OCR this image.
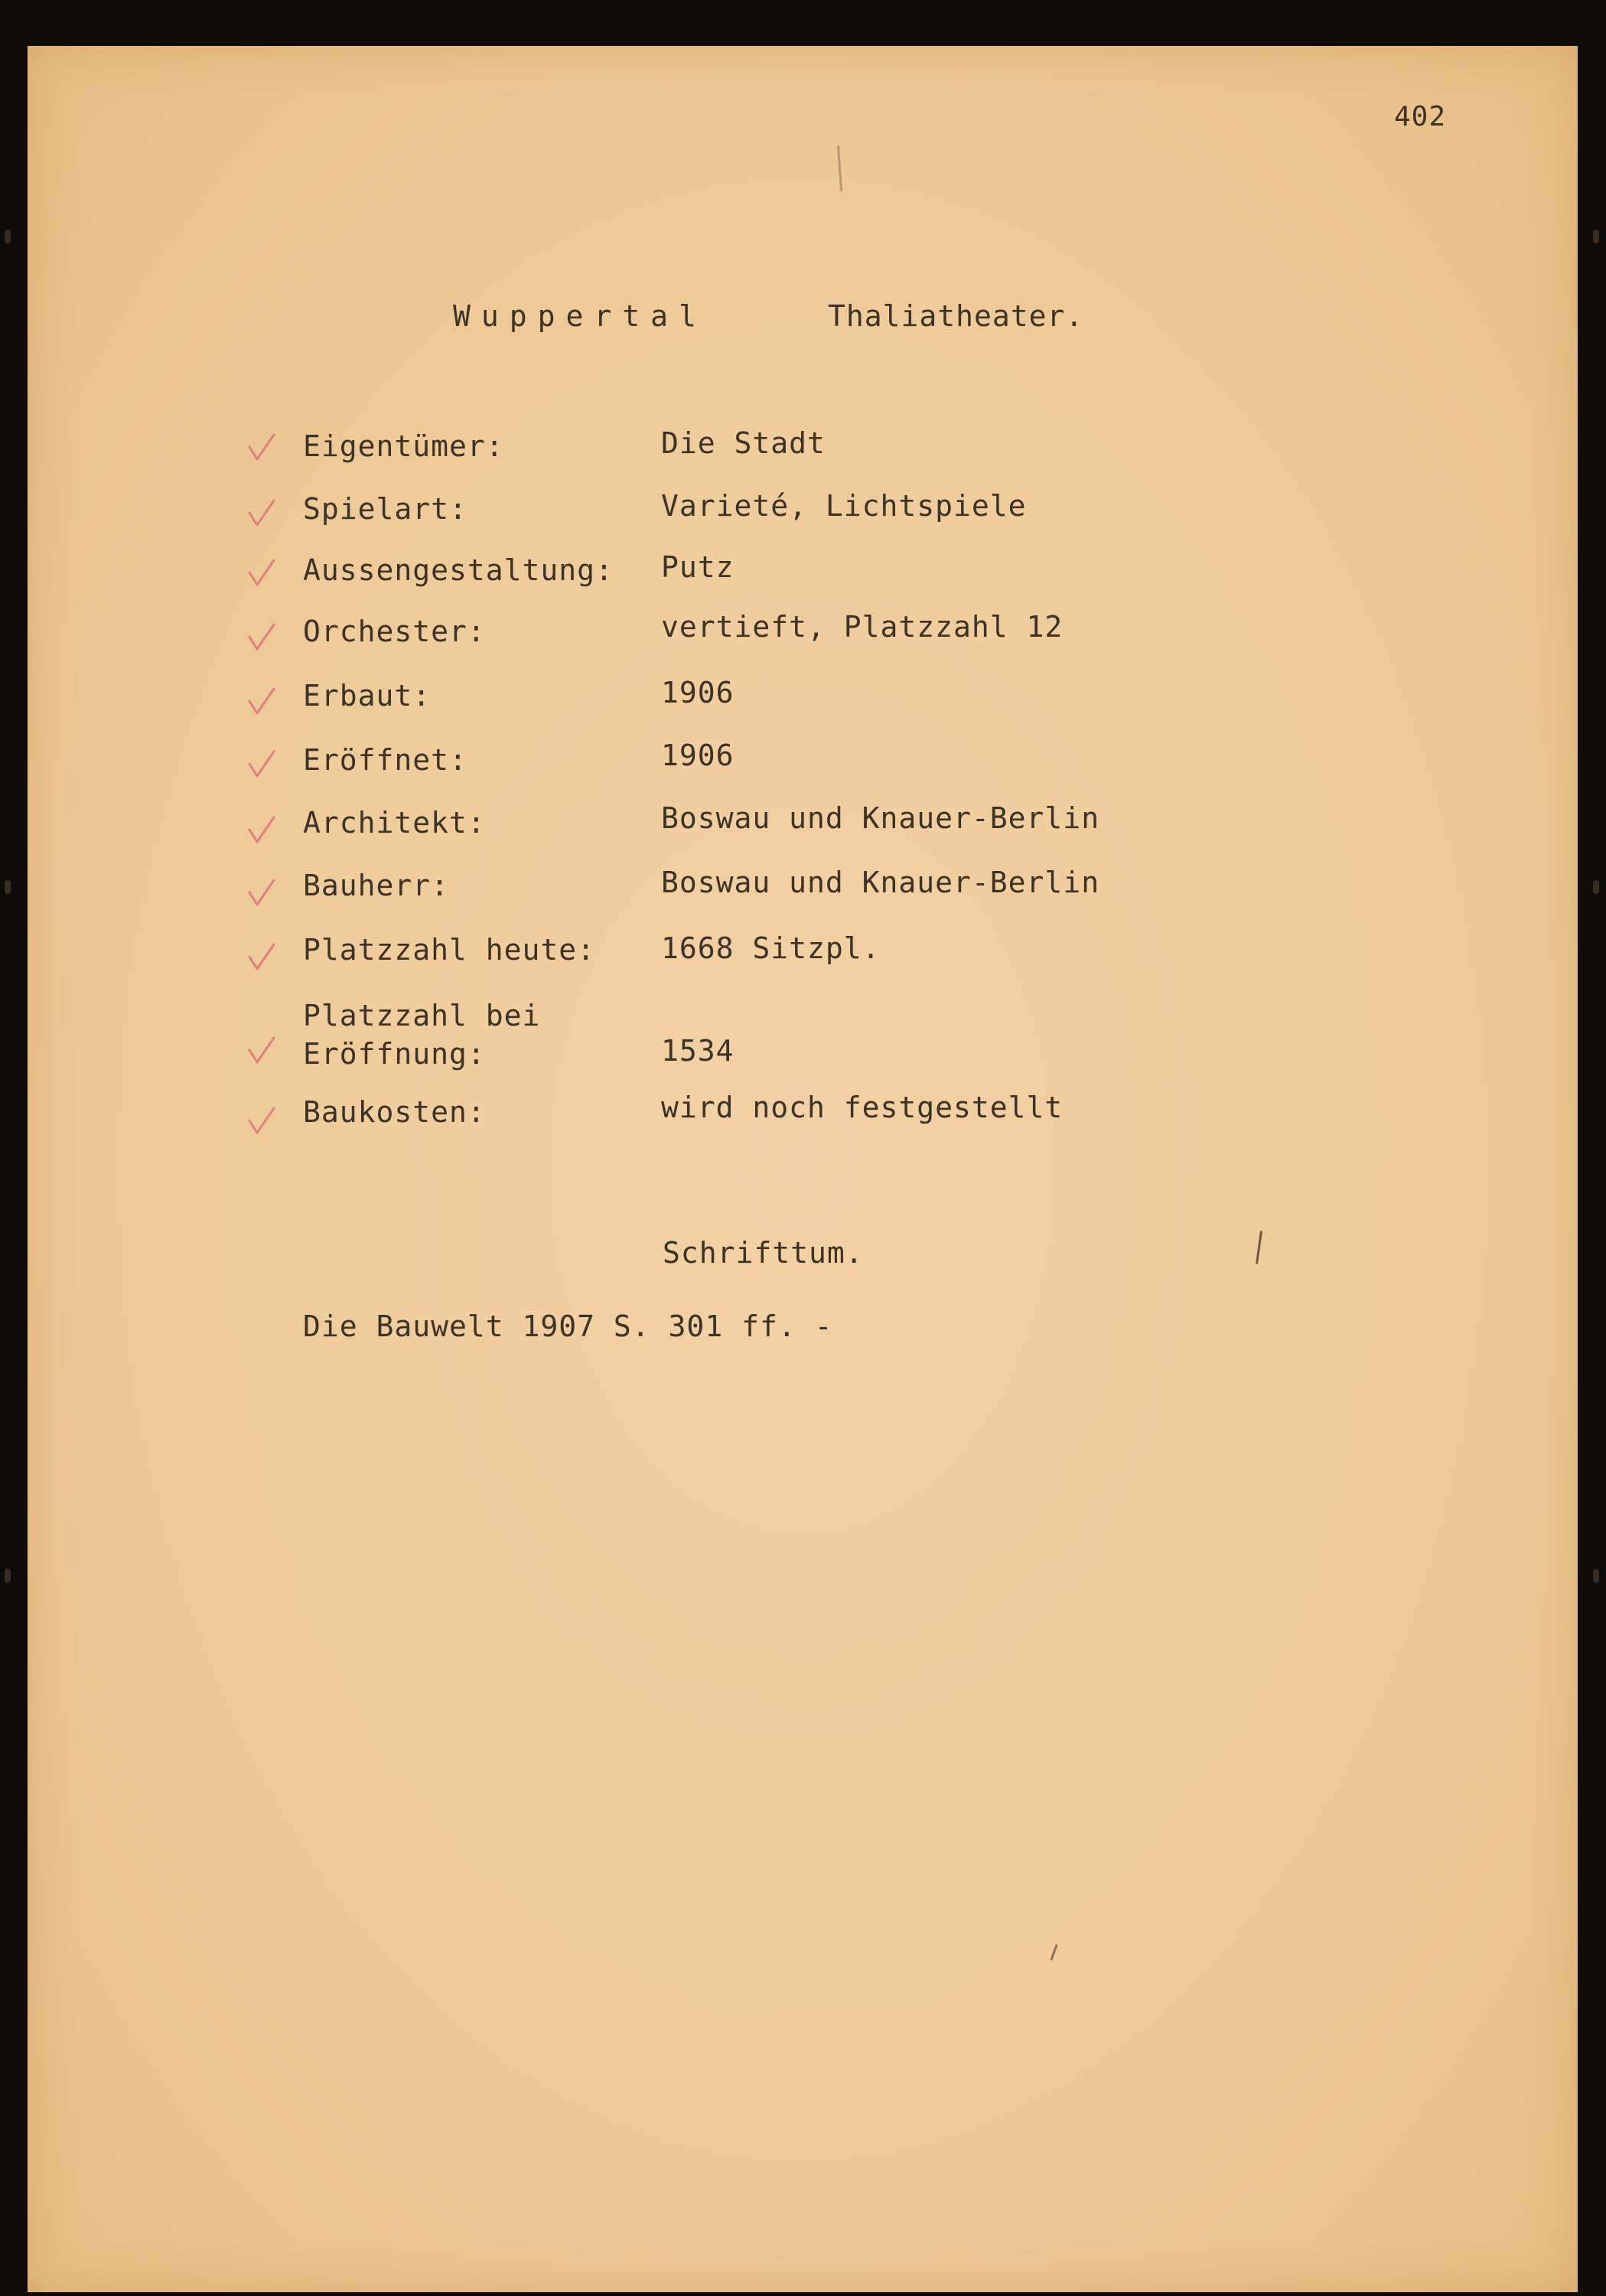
402
Wuppertal	Thaliatheater.
Eigentümer:	Die Stadt
Spielart:	Varieté, Lichtspiele
Aussengestaltung: Putz
Orchester:	vertieft, Platzzahl 12
Erbaut:	1906
Eröffnet:	1906
Architekt:	Boswau und Knauer-Berlin
Bauherr:	Boswau und Knauer-Berlin
Platzzahl heute: 1668 Sitzpl.
Platzzahl bei
Eröffnung:	1534
Baukosten:	wird noch festgestellt
Schrifttum.
Die Bauwelt 1907 S. 301 ff. -
